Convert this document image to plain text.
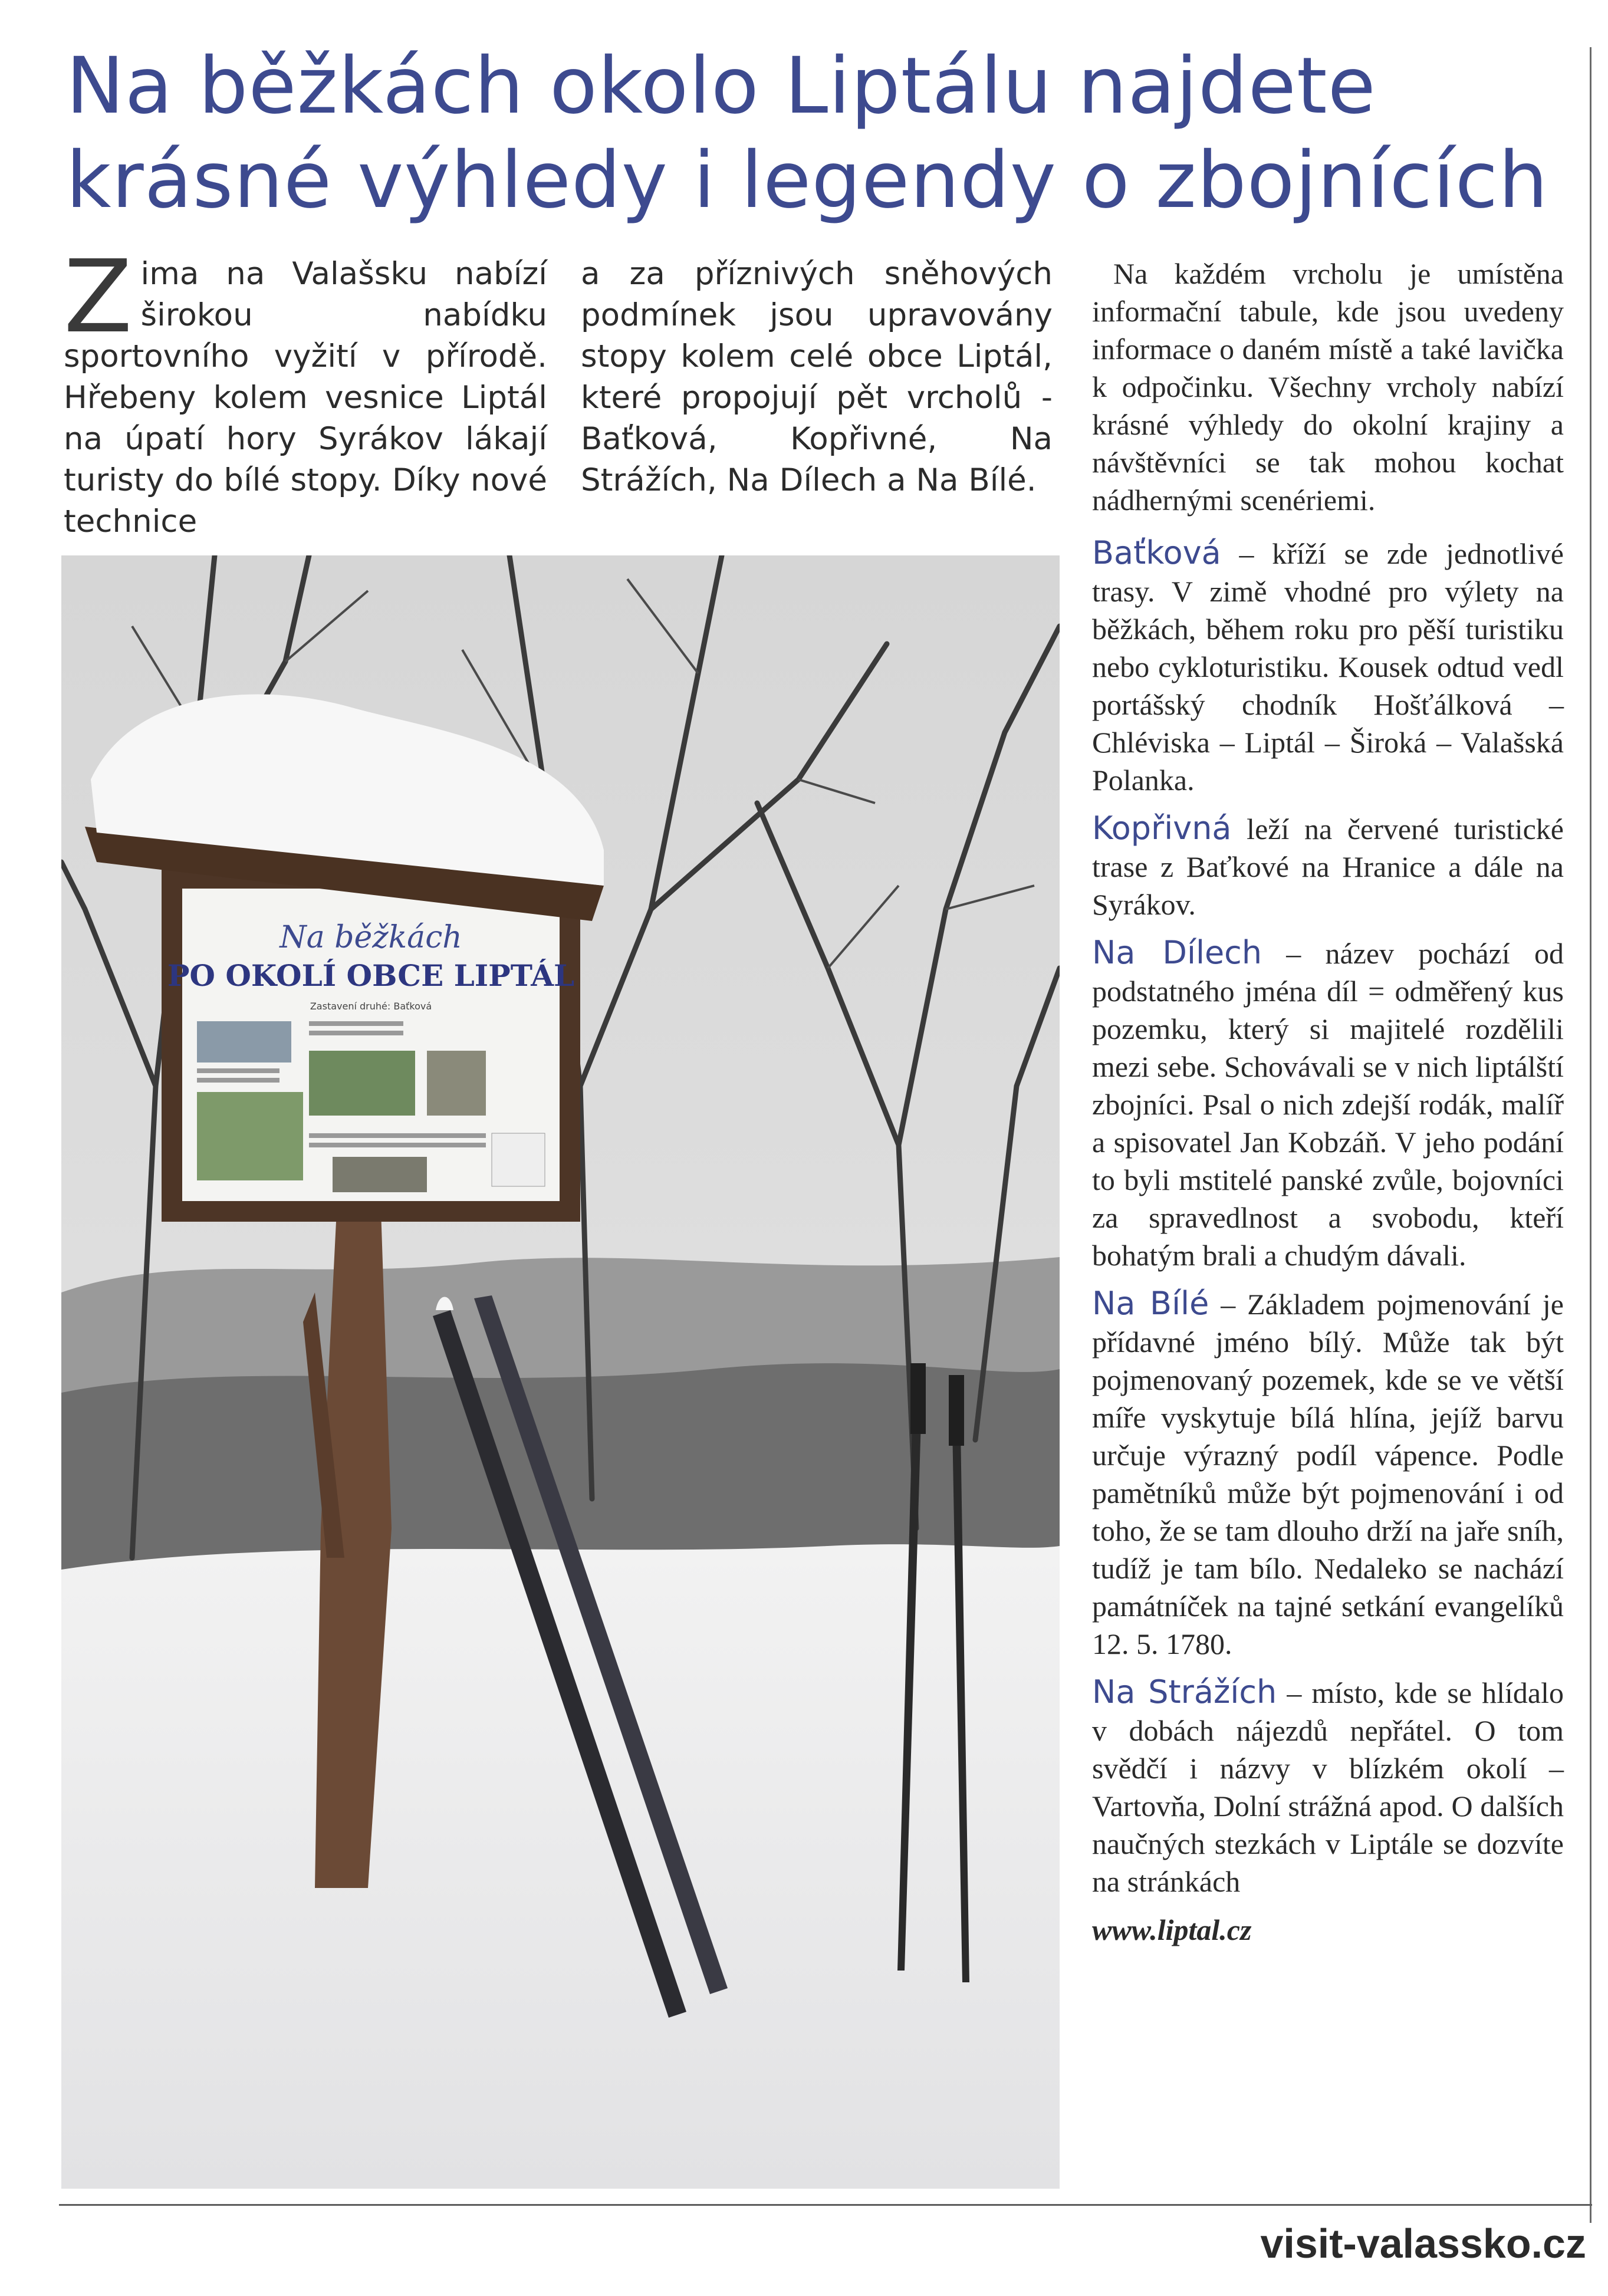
Na běžkách okolo Liptálu najdete
krásné výhledy i legendy o zbojnících
Zima na Valašsku nabízí širokou nabídku sportovního vyžití v přírodě. Hřebeny kolem vesnice Liptál na úpatí hory Syrákov lákají turisty do bílé stopy. Díky nové technice
a za příznivých sněhových podmínek jsou upravovány stopy kolem celé obce Liptál, které propojují pět vrcholů - Baťková, Kopřivné, Na Strážích, Na Dílech a Na Bílé.
Na běžkách
PO OKOLÍ OBCE LIPTÁL
Zastavení druhé: Baťková

Na každém vrcholu je umístěna informační tabule, kde jsou uvedeny informace o daném místě a také lavička k odpočinku. Všechny vrcholy nabízí krásné výhledy do okolní krajiny a návštěvníci se tak mohou kochat nádhernými scenériemi.

Baťková – kříží se zde jednotlivé trasy. V zimě vhodné pro výlety na běžkách, během roku pro pěší turistiku nebo cykloturistiku. Kousek odtud vedl portášský chodník Hošťálková – Chléviska – Liptál – Široká – Valašská Polanka.

Kopřivná leží na červené turistické trase z Baťkové na Hranice a dále na Syrákov.

Na Dílech – název pochází od podstatného jména díl = odměřený kus pozemku, který si majitelé rozdělili mezi sebe. Schovávali se v nich liptálští zbojníci. Psal o nich zdejší rodák, malíř a spisovatel Jan Kobzáň. V jeho podání to byli mstitelé panské zvůle, bojovníci za spravedlnost a svobodu, kteří bohatým brali a chudým dávali.

Na Bílé – Základem pojmenování je přídavné jméno bílý. Může tak být pojmenovaný pozemek, kde se ve větší míře vyskytuje bílá hlína, jejíž barvu určuje výrazný podíl vápence. Podle pamětníků může být pojmenování i od toho, že se tam dlouho drží na jaře sníh, tudíž je tam bílo. Nedaleko se nachází památníček na tajné setkání evangelíků 12. 5. 1780.

Na Strážích – místo, kde se hlídalo v dobách nájezdů nepřátel. O tom svědčí i názvy v blízkém okolí – Vartovňa, Dolní strážná apod. O dalších naučných stezkách v Liptále se dozvíte na stránkách

www.liptal.cz

visit-valassko.cz
